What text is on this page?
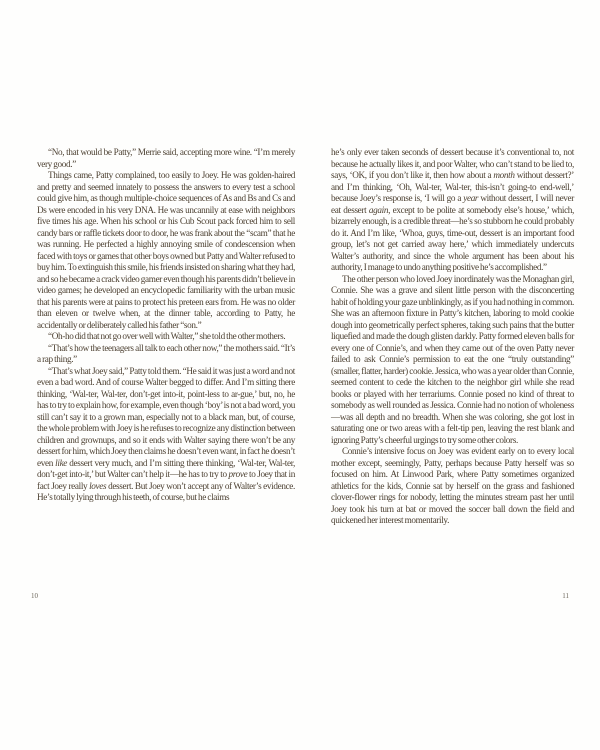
“No, that would be Patty,” Merrie said, accepting more wine. “I’m merely very good.”

Things came, Patty complained, too easily to Joey. He was golden-haired and pretty and seemed innately to possess the answers to every test a school could give him, as though multiple-choice sequences of As and Bs and Cs and Ds were encoded in his very DNA. He was uncannily at ease with neighbors five times his age. When his school or his Cub Scout pack forced him to sell candy bars or raffle tickets door to door, he was frank about the “scam” that he was running. He perfected a highly annoying smile of condescension when faced with toys or games that other boys owned but Patty and Walter refused to buy him. To extinguish this smile, his friends insisted on sharing what they had, and so he became a crack video gamer even though his parents didn’t believe in video games; he developed an encyclopedic familiarity with the urban music that his parents were at pains to protect his preteen ears from. He was no older than eleven or twelve when, at the dinner table, according to Patty, he accidentally or deliberately called his father “son.”

“Oh-ho did that not go over well with Walter,” she told the other mothers.

“That’s how the teenagers all talk to each other now,” the mothers said. “It’s a rap thing.”

“That’s what Joey said,” Patty told them. “He said it was just a word and not even a bad word. And of course Walter begged to differ. And I’m sitting there thinking, ‘Wal-ter, Wal-ter, don’t-get into-it, point-less to ar-gue,’ but, no, he has to try to explain how, for example, even though ‘boy’ is not a bad word, you still can’t say it to a grown man, especially not to a black man, but, of course, the whole problem with Joey is he refuses to recognize any distinction between children and grownups, and so it ends with Walter saying there won’t be any dessert for him, which Joey then claims he doesn’t even want, in fact he doesn’t even like dessert very much, and I’m sitting there thinking, ‘Wal-ter, Wal-ter, don’t-get into-it,’ but Walter can’t help it—he has to try to prove to Joey that in fact Joey really loves dessert. But Joey won’t accept any of Walter’s evidence. He’s totally lying through his teeth, of course, but he claims

he’s only ever taken seconds of dessert because it’s conventional to, not because he actually likes it, and poor Walter, who can’t stand to be lied to, says, ‘OK, if you don’t like it, then how about a month without dessert?’ and I’m thinking, ‘Oh, Wal-ter, Wal-ter, this-isn’t going-to end-well,’ because Joey’s response is, ‘I will go a year without dessert, I will never eat dessert again, except to be polite at somebody else’s house,’ which, bizarrely enough, is a credible threat—he’s so stubborn he could probably do it. And I’m like, ‘Whoa, guys, time-out, dessert is an important food group, let’s not get carried away here,’ which immediately undercuts Walter’s authority, and since the whole argument has been about his authority, I manage to undo anything positive he’s accomplished.”

The other person who loved Joey inordinately was the Monaghan girl, Connie. She was a grave and silent little person with the disconcerting habit of holding your gaze unblinkingly, as if you had nothing in common. She was an afternoon fixture in Patty’s kitchen, laboring to mold cookie dough into geometrically perfect spheres, taking such pains that the butter liquefied and made the dough glisten darkly. Patty formed eleven balls for every one of Connie’s, and when they came out of the oven Patty never failed to ask Connie’s permission to eat the one “truly outstanding” (smaller, flatter, harder) cookie. Jessica, who was a year older than Connie, seemed content to cede the kitchen to the neighbor girl while she read books or played with her terrariums. Connie posed no kind of threat to somebody as well rounded as Jessica. Connie had no notion of wholeness—was all depth and no breadth. When she was coloring, she got lost in saturating one or two areas with a felt-tip pen, leaving the rest blank and ignoring Patty’s cheerful urgings to try some other colors.

Connie’s intensive focus on Joey was evident early on to every local mother except, seemingly, Patty, perhaps because Patty herself was so focused on him. At Linwood Park, where Patty sometimes organized athletics for the kids, Connie sat by herself on the grass and fashioned clover-flower rings for nobody, letting the minutes stream past her until Joey took his turn at bat or moved the soccer ball down the field and quickened her interest momentarily.

10	11
